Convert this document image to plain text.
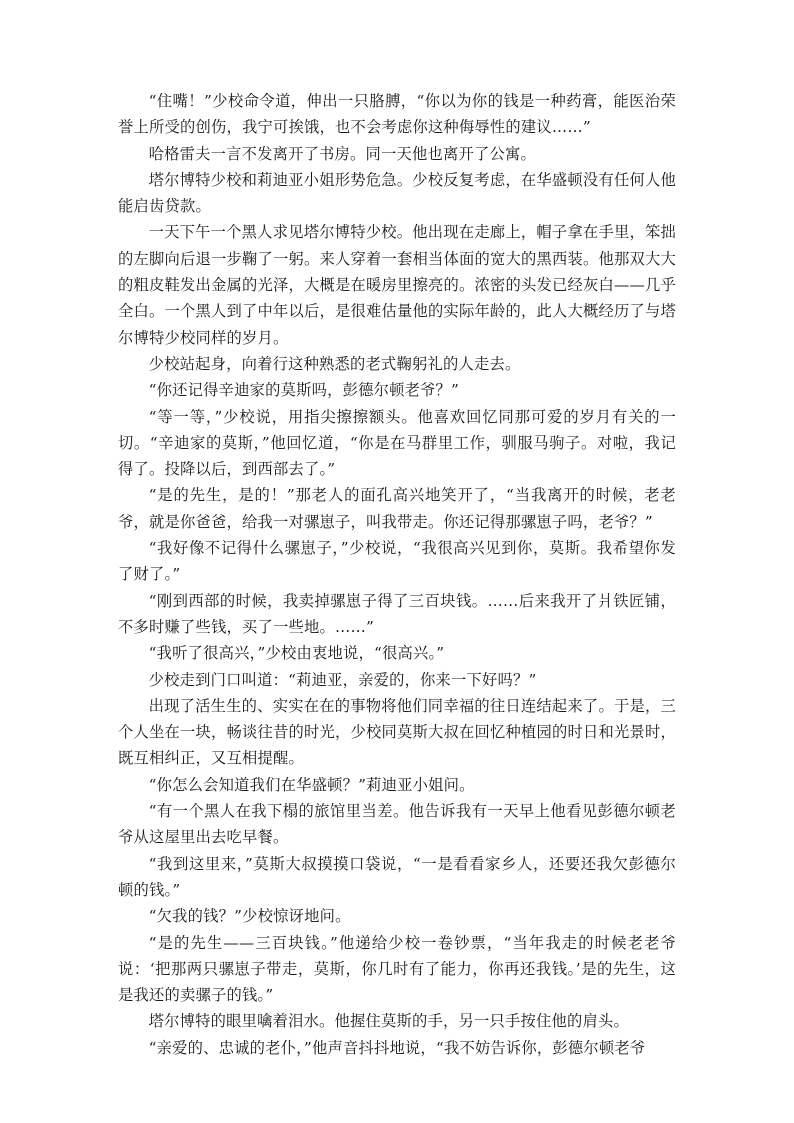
“住嘴！”少校命令道，伸出一只胳膊，“你以为你的钱是一种药膏，能医治荣誉上所受的创伤，我宁可挨饿，也不会考虑你这种侮辱性的建议……”

哈格雷夫一言不发离开了书房。同一天他也离开了公寓。

塔尔博特少校和莉迪亚小姐形势危急。少校反复考虑，在华盛顿没有任何人他能启齿贷款。

一天下午一个黑人求见塔尔博特少校。他出现在走廊上，帽子拿在手里，笨拙的左脚向后退一步鞠了一躬。来人穿着一套相当体面的宽大的黑西装。他那双大大的粗皮鞋发出金属的光泽，大概是在暖房里擦亮的。浓密的头发已经灰白——几乎全白。一个黑人到了中年以后，是很难估量他的实际年龄的，此人大概经历了与塔尔博特少校同样的岁月。

少校站起身，向着行这种熟悉的老式鞠躬礼的人走去。

“你还记得辛迪家的莫斯吗，彭德尔顿老爷？”

“等一等，”少校说，用指尖擦擦额头。他喜欢回忆同那可爱的岁月有关的一切。“辛迪家的莫斯，”他回忆道，“你是在马群里工作，驯服马驹子。对啦，我记得了。投降以后，到西部去了。”

“是的先生，是的！”那老人的面孔高兴地笑开了，“当我离开的时候，老老爷，就是你爸爸，给我一对骡崽子，叫我带走。你还记得那骡崽子吗，老爷？”

“我好像不记得什么骡崽子，”少校说，“我很高兴见到你，莫斯。我希望你发了财了。”

“刚到西部的时候，我卖掉骡崽子得了三百块钱。……后来我开了爿铁匠铺，不多时赚了些钱，买了一些地。……”

“我听了很高兴，”少校由衷地说，“很高兴。”

少校走到门口叫道：“莉迪亚，亲爱的，你来一下好吗？”

出现了活生生的、实实在在的事物将他们同幸福的往日连结起来了。于是，三个人坐在一块，畅谈往昔的时光，少校同莫斯大叔在回忆种植园的时日和光景时，既互相纠正，又互相提醒。

“你怎么会知道我们在华盛顿？”莉迪亚小姐问。

“有一个黑人在我下榻的旅馆里当差。他告诉我有一天早上他看见彭德尔顿老爷从这屋里出去吃早餐。

“我到这里来，”莫斯大叔摸摸口袋说，“一是看看家乡人，还要还我欠彭德尔顿的钱。”

“欠我的钱？”少校惊讶地问。

“是的先生——三百块钱。”他递给少校一卷钞票，“当年我走的时候老老爷说：‘把那两只骡崽子带走，莫斯，你几时有了能力，你再还我钱。’是的先生，这是我还的卖骡子的钱。”

塔尔博特的眼里噙着泪水。他握住莫斯的手，另一只手按住他的肩头。

“亲爱的、忠诚的老仆，”他声音抖抖地说，“我不妨告诉你，彭德尔顿老爷
